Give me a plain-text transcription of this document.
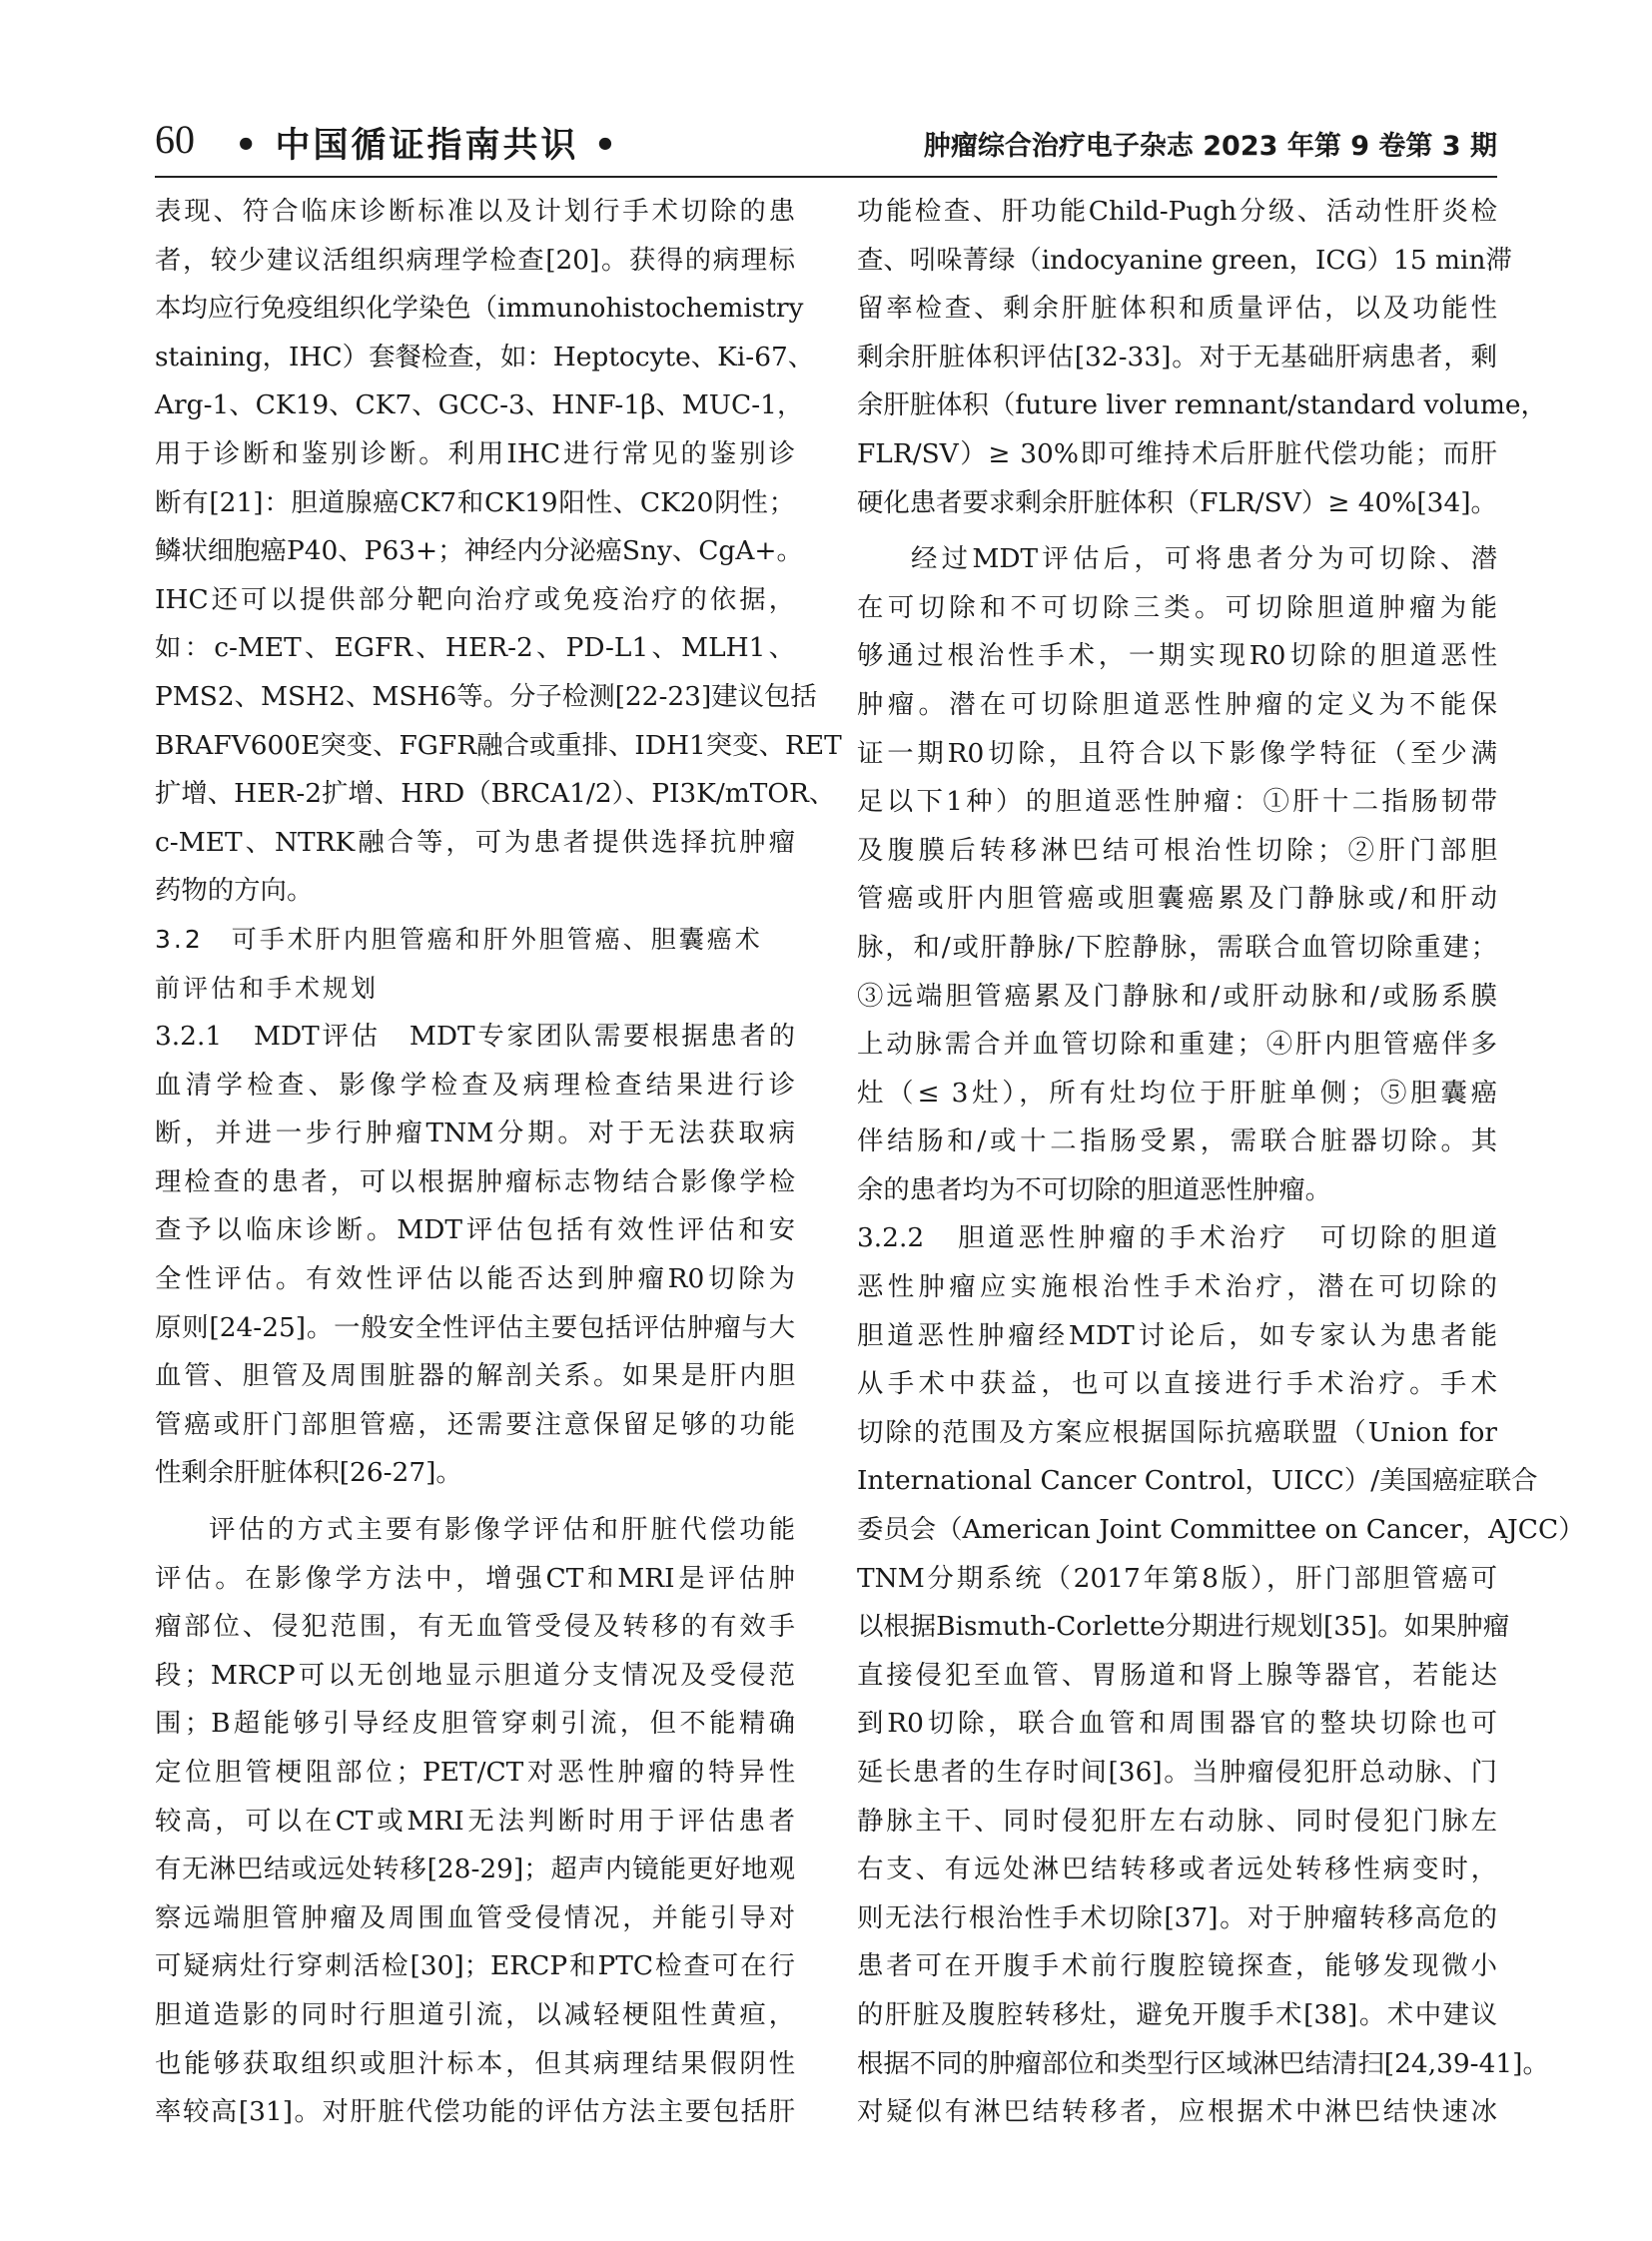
60 • 中国循证指南共识 •	肿瘤综合治疗电子杂志 2023 年第 9 卷第 3 期
表现、符合临床诊断标准以及计划行手术切除的患
者，较少建议活组织病理学检查[20]。获得的病理标
本均应行免疫组织化学染色（immunohistochemistry
staining，IHC）套餐检查，如：Heptocyte、Ki-67、
Arg-1、CK19、CK7、GCC-3、HNF-1β、MUC-1，
用于诊断和鉴别诊断。利用IHC进行常见的鉴别诊
断有[21]：胆道腺癌CK7和CK19阳性、CK20阴性；
鳞状细胞癌P40、P63+；神经内分泌癌Sny、CgA+。
IHC还可以提供部分靶向治疗或免疫治疗的依据，
如：c-MET、EGFR、HER-2、PD-L1、MLH1、
PMS2、MSH2、MSH6等。分子检测[22-23]建议包括
BRAFV600E突变、FGFR融合或重排、IDH1突变、RET
扩增、HER-2扩增、HRD（BRCA1/2）、PI3K/mTOR、
c-MET、NTRK融合等，可为患者提供选择抗肿瘤
药物的方向。
3.2　可手术肝内胆管癌和肝外胆管癌、胆囊癌术
前评估和手术规划
3.2.1　MDT评估　MDT专家团队需要根据患者的
血清学检查、影像学检查及病理检查结果进行诊
断，并进一步行肿瘤TNM分期。对于无法获取病
理检查的患者，可以根据肿瘤标志物结合影像学检
查予以临床诊断。MDT评估包括有效性评估和安
全性评估。有效性评估以能否达到肿瘤R0切除为
原则[24-25]。一般安全性评估主要包括评估肿瘤与大
血管、胆管及周围脏器的解剖关系。如果是肝内胆
管癌或肝门部胆管癌，还需要注意保留足够的功能
性剩余肝脏体积[26-27]。
评估的方式主要有影像学评估和肝脏代偿功能
评估。在影像学方法中，增强CT和MRI是评估肿
瘤部位、侵犯范围，有无血管受侵及转移的有效手
段；MRCP可以无创地显示胆道分支情况及受侵范
围；B超能够引导经皮胆管穿刺引流，但不能精确
定位胆管梗阻部位；PET/CT对恶性肿瘤的特异性
较高，可以在CT或MRI无法判断时用于评估患者
有无淋巴结或远处转移[28-29]；超声内镜能更好地观
察远端胆管肿瘤及周围血管受侵情况，并能引导对
可疑病灶行穿刺活检[30]；ERCP和PTC检查可在行
胆道造影的同时行胆道引流，以减轻梗阻性黄疸，
也能够获取组织或胆汁标本，但其病理结果假阴性
率较高[31]。对肝脏代偿功能的评估方法主要包括肝
功能检查、肝功能Child-Pugh分级、活动性肝炎检
查、吲哚菁绿（indocyanine green，ICG）15 min滞
留率检查、剩余肝脏体积和质量评估，以及功能性
剩余肝脏体积评估[32-33]。对于无基础肝病患者，剩
余肝脏体积（future liver remnant/standard volume，
FLR/SV）≥ 30%即可维持术后肝脏代偿功能；而肝
硬化患者要求剩余肝脏体积（FLR/SV）≥ 40%[34]。
经过MDT评估后，可将患者分为可切除、潜
在可切除和不可切除三类。可切除胆道肿瘤为能
够通过根治性手术，一期实现R0切除的胆道恶性
肿瘤。潜在可切除胆道恶性肿瘤的定义为不能保
证一期R0切除，且符合以下影像学特征（至少满
足以下1种）的胆道恶性肿瘤：①肝十二指肠韧带
及腹膜后转移淋巴结可根治性切除；②肝门部胆
管癌或肝内胆管癌或胆囊癌累及门静脉或/和肝动
脉，和/或肝静脉/下腔静脉，需联合血管切除重建；
③远端胆管癌累及门静脉和/或肝动脉和/或肠系膜
上动脉需合并血管切除和重建；④肝内胆管癌伴多
灶（≤ 3灶），所有灶均位于肝脏单侧；⑤胆囊癌
伴结肠和/或十二指肠受累，需联合脏器切除。其
余的患者均为不可切除的胆道恶性肿瘤。
3.2.2　胆道恶性肿瘤的手术治疗　可切除的胆道
恶性肿瘤应实施根治性手术治疗，潜在可切除的
胆道恶性肿瘤经MDT讨论后，如专家认为患者能
从手术中获益，也可以直接进行手术治疗。手术
切除的范围及方案应根据国际抗癌联盟（Union for
International Cancer Control，UICC）/美国癌症联合
委员会（American Joint Committee on Cancer，AJCC）
TNM分期系统（2017年第8版），肝门部胆管癌可
以根据Bismuth-Corlette分期进行规划[35]。如果肿瘤
直接侵犯至血管、胃肠道和肾上腺等器官，若能达
到R0切除，联合血管和周围器官的整块切除也可
延长患者的生存时间[36]。当肿瘤侵犯肝总动脉、门
静脉主干、同时侵犯肝左右动脉、同时侵犯门脉左
右支、有远处淋巴结转移或者远处转移性病变时，
则无法行根治性手术切除[37]。对于肿瘤转移高危的
患者可在开腹手术前行腹腔镜探查，能够发现微小
的肝脏及腹腔转移灶，避免开腹手术[38]。术中建议
根据不同的肿瘤部位和类型行区域淋巴结清扫[24,39-41]。
对疑似有淋巴结转移者，应根据术中淋巴结快速冰
